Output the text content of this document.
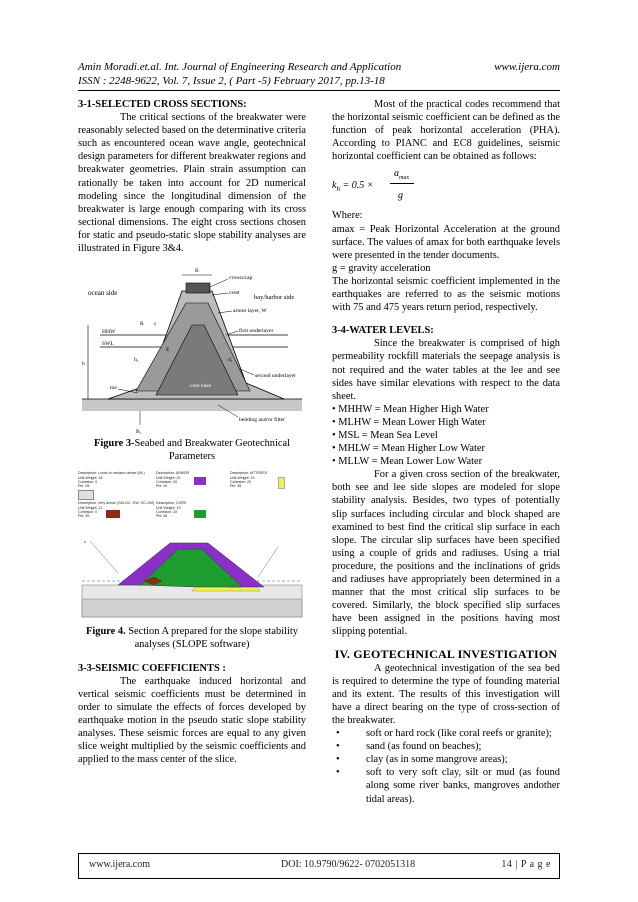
Amin Moradi.et.al. Int. Journal of Engineering Research and Application	www.ijera.com
ISSN : 2248-9622, Vol. 7, Issue 2, ( Part -5) February 2017, pp.13-18

3-1-SELECTED CROSS SECTIONS:

The critical sections of the breakwater were reasonably selected based on the determinative criteria such as encountered ocean wave angle, geotechnical design parameters for different breakwater regions and breakwater geometries. Plain strain assumption can rationally be taken into account for 2D numerical modeling since the longitudinal dimension of the breakwater is large enough comparing with its cross sectional dimensions. The eight cross sections chosen for static and pseudo-static slope stability analyses are illustrated in Figure 3&4.

B
ocean side
bay/harbor side
crown/cap
crest
armor layer, W
first underlayer
second underlayer
HHW
SWL
core base
bedding and/or filter
toe
R
h
h₁	d₁
c
E
B₁

Figure 3-Seabed and Breakwater Geotechnical Parameters

Description: Loose to medium dense (ML)
Unit Weight: 18
Cohesion: 0
Phi: 28
Description: ARMOR
Unit Weight: 20
Cohesion: 20
Phi: 40
Description: MTTREES
Unit Weight: 19
Cohesion: 20
Phi: 38
Description: Very dense (GM-GC, GW, GC-GM)
Unit Weight: 21
Cohesion: 0
Phi: 39
Description: CORE
Unit Weight: 19
Cohesion: 20
Phi: 35
x

Figure 4. Section A prepared for the slope stability analyses (SLOPE software)

3-3-SEISMIC COEFFICIENTS :

The earthquake induced horizontal and vertical seismic coefficients must be determined in order to simulate the effects of forces developed by earthquake motion in the pseudo static slope stability analyses. These seismic forces are equal to any given slice weight multiplied by the seismic coefficients and applied to the mass center of the slice.

Most of the practical codes recommend that the horizontal seismic coefficient can be defined as the function of peak horizontal acceleration (PHA). According to PIANC and EC8 guidelines, seismic horizontal coefficient can be obtained as follows:

$k_h = 0.5$ ×
$a_{max}$
g

Where:

amax = Peak Horizontal Acceleration at the ground surface. The values of amax for both earthquake levels were presented in the tender documents.

g = gravity acceleration

The horizontal seismic coefficient implemented in the earthquakes are referred to as the seismic motions with 75 and 475 years return period, respectively.

3-4-WATER LEVELS:

Since the breakwater is comprised of high permeability rockfill materials the seepage analysis is not required and the water tables at the lee and see sides have similar elevations with respect to the data sheet.

• MHHW = Mean Higher High Water

• MLHW = Mean Lower High Water

• MSL = Mean Sea Level

• MHLW = Mean Higher Low Water

• MLLW = Mean Lower Low Water

For a given cross section of the breakwater, both see and lee side slopes are modeled for slope stability analysis. Besides, two types of potentially slip surfaces including circular and block shaped are examined to best find the critical slip surface in each slope. The circular slip surfaces have been specified using a couple of grids and radiuses. Using a trial procedure, the positions and the inclinations of grids and radiuses have appropriately been determined in a manner that the most critical slip surfaces to be covered. Similarly, the block specified slip surfaces have been assigned in the positions having most slipping potential.

IV. GEOTECHNICAL INVESTIGATION

A geotechnical investigation of the sea bed is required to determine the type of founding material and its extent. The results of this investigation will have a direct bearing on the type of cross-section of the breakwater.

•	soft or hard rock (like coral reefs or granite);

•	sand (as found on beaches);

•	clay (as in some mangrove areas);

•	soft to very soft clay, silt or mud (as found along some river banks, mangroves andother tidal areas).

www.ijera.com	DOI: 10.9790/9622- 0702051318	14 | P a g e
